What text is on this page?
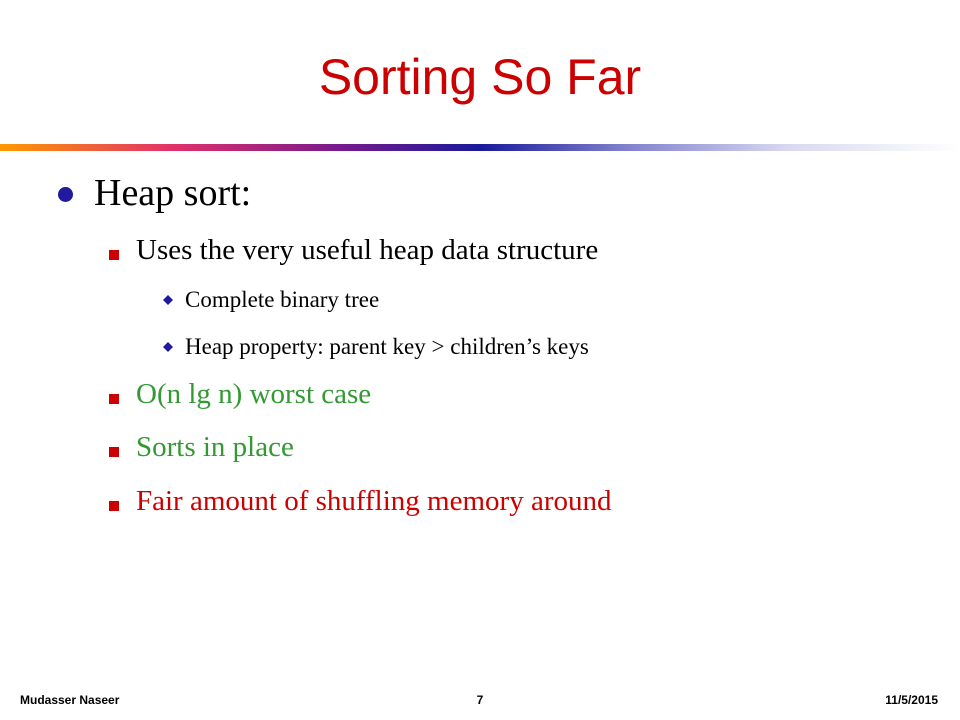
Sorting So Far
Heap sort:
Uses the very useful heap data structure
Complete binary tree
Heap property: parent key > children’s keys
O(n lg n) worst case
Sorts in place
Fair amount of shuffling memory around
Mudasser Naseer	7	11/5/2015
